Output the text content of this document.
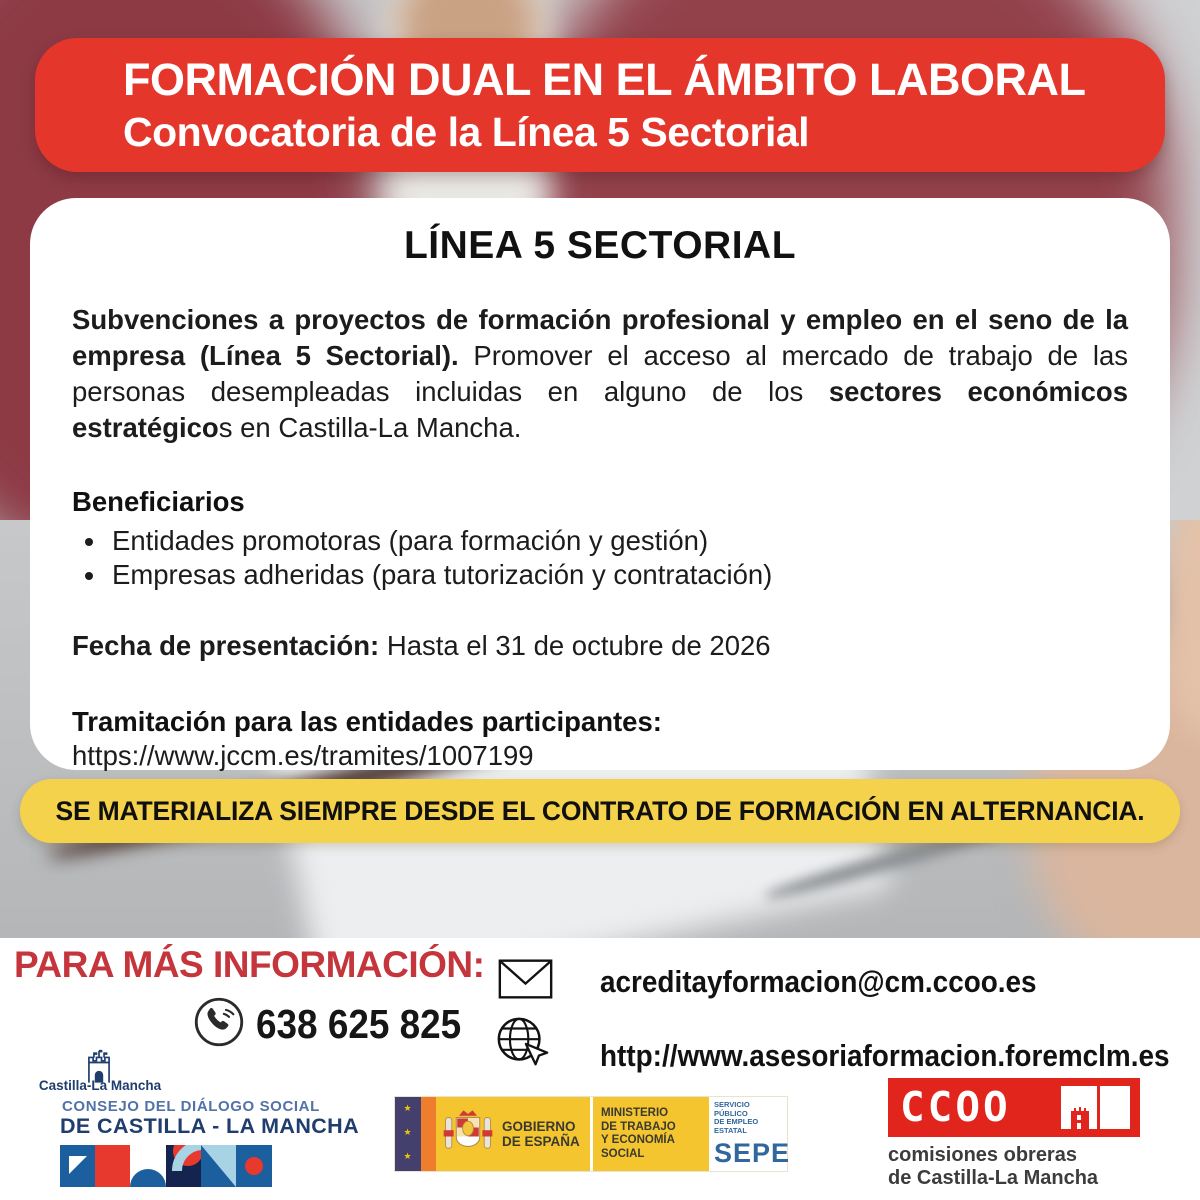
FORMACIÓN DUAL EN EL ÁMBITO LABORAL
Convocatoria de la Línea 5 Sectorial
LÍNEA 5 SECTORIAL

Subvenciones a proyectos de formación profesional y empleo en el seno de la empresa (Línea 5 Sectorial). Promover el acceso al mercado de trabajo de las personas desempleadas incluidas en alguno de los sectores económicos estratégicos en Castilla-La Mancha.

Beneficiarios
• Entidades promotoras (para formación y gestión)
• Empresas adheridas (para tutorización y contratación)
Fecha de presentación: Hasta el 31 de octubre de 2026
Tramitación para las entidades participantes:
https://www.jccm.es/tramites/1007199
SE MATERIALIZA SIEMPRE DESDE EL CONTRATO DE FORMACIÓN EN ALTERNANCIA.
PARA MÁS INFORMACIÓN:
638 625 825
acreditayformacion@cm.ccoo.es
http://www.asesoriaformacion.foremclm.es
Castilla-La Mancha
CONSEJO DEL DIÁLOGO SOCIAL
DE CASTILLA - LA MANCHA	★ ★ ★	GOBIERNO
DE ESPAÑA
MINISTERIO
DE TRABAJO
Y ECONOMÍA SOCIAL
SERVICIO PÚBLICO
DE EMPLEO ESTATAL
SEPE
CCOO
comisiones obreras
de Castilla-La Mancha
